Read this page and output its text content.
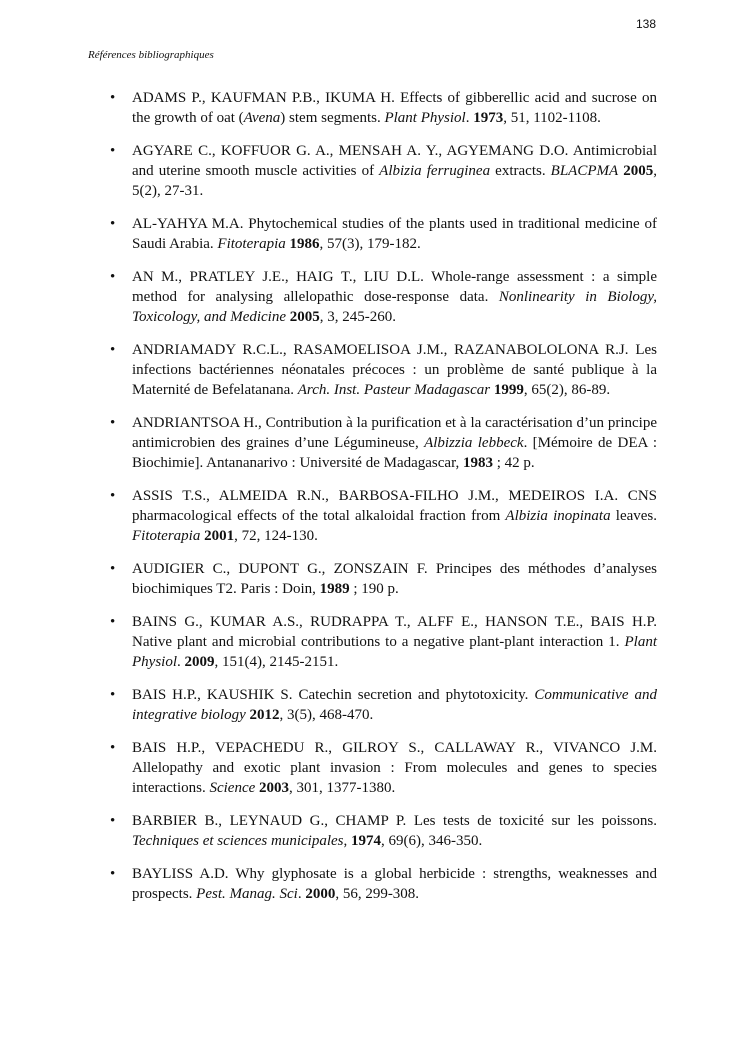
138
Références bibliographiques
• ADAMS P., KAUFMAN P.B., IKUMA H. Effects of gibberellic acid and sucrose on the growth of oat (Avena) stem segments. Plant Physiol. 1973, 51, 1102-1108.
• AGYARE C., KOFFUOR G. A., MENSAH A. Y., AGYEMANG D.O. Antimicrobial and uterine smooth muscle activities of Albizia ferruginea extracts. BLACPMA 2005, 5(2), 27-31.
• AL-YAHYA M.A. Phytochemical studies of the plants used in traditional medicine of Saudi Arabia. Fitoterapia 1986, 57(3), 179-182.
• AN M., PRATLEY J.E., HAIG T., LIU D.L. Whole-range assessment : a simple method for analysing allelopathic dose-response data. Nonlinearity in Biology, Toxicology, and Medicine 2005, 3, 245-260.
• ANDRIAMADY R.C.L., RASAMOELISOA J.M., RAZANABOLOLONA R.J. Les infections bactériennes néonatales précoces : un problème de santé publique à la Maternité de Befelatanana. Arch. Inst. Pasteur Madagascar 1999, 65(2), 86-89.
• ANDRIANTSOA H., Contribution à la purification et à la caractérisation d’un principe antimicrobien des graines d’une Légumineuse, Albizzia lebbeck. [Mémoire de DEA : Biochimie]. Antananarivo : Université de Madagascar, 1983 ; 42 p.
• ASSIS T.S., ALMEIDA R.N., BARBOSA-FILHO J.M., MEDEIROS I.A. CNS pharmacological effects of the total alkaloidal fraction from Albizia inopinata leaves. Fitoterapia 2001, 72, 124-130.
• AUDIGIER C., DUPONT G., ZONSZAIN F. Principes des méthodes d’analyses biochimiques T2. Paris : Doin, 1989 ; 190 p.
• BAINS G., KUMAR A.S., RUDRAPPA T., ALFF E., HANSON T.E., BAIS H.P. Native plant and microbial contributions to a negative plant-plant interaction 1. Plant Physiol. 2009, 151(4), 2145-2151.
• BAIS H.P., KAUSHIK S. Catechin secretion and phytotoxicity. Communicative and integrative biology 2012, 3(5), 468-470.
• BAIS H.P., VEPACHEDU R., GILROY S., CALLAWAY R., VIVANCO J.M. Allelopathy and exotic plant invasion : From molecules and genes to species interactions. Science 2003, 301, 1377-1380.
• BARBIER B., LEYNAUD G., CHAMP P. Les tests de toxicité sur les poissons. Techniques et sciences municipales, 1974, 69(6), 346-350.
• BAYLISS A.D. Why glyphosate is a global herbicide : strengths, weaknesses and prospects. Pest. Manag. Sci. 2000, 56, 299-308.
